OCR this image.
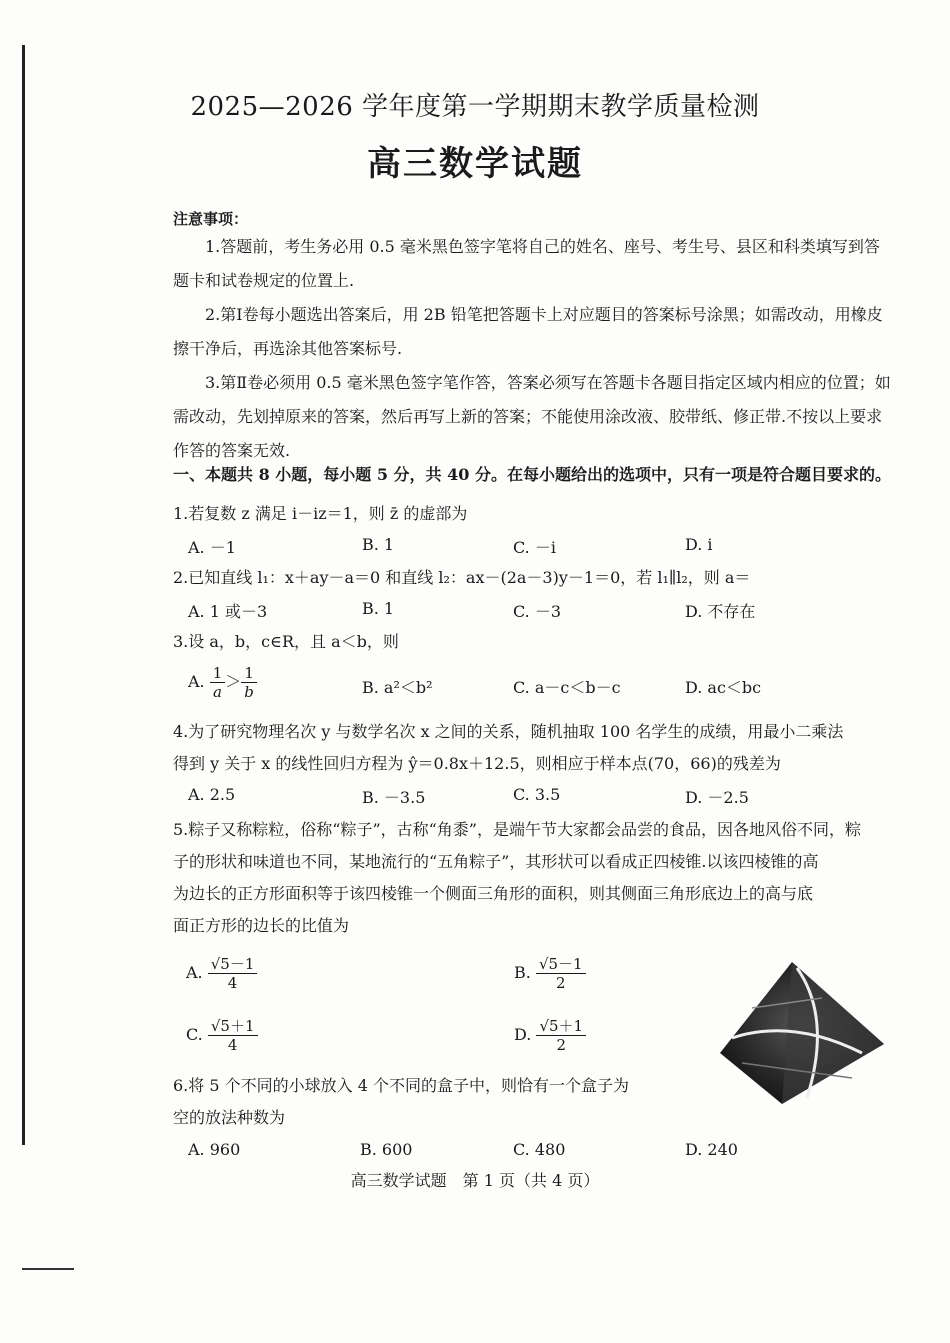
2025—2026 学年度第一学期期末教学质量检测
高三数学试题
注意事项：
1.答题前，考生务必用 0.5 毫米黑色签字笔将自己的姓名、座号、考生号、县区和科类填写到答题卡和试卷规定的位置上.
2.第Ⅰ卷每小题选出答案后，用 2B 铅笔把答题卡上对应题目的答案标号涂黑；如需改动，用橡皮擦干净后，再选涂其他答案标号.
3.第Ⅱ卷必须用 0.5 毫米黑色签字笔作答，答案必须写在答题卡各题目指定区域内相应的位置；如需改动，先划掉原来的答案，然后再写上新的答案；不能使用涂改液、胶带纸、修正带.不按以上要求作答的答案无效.
一、本题共 8 小题，每小题 5 分，共 40 分。在每小题给出的选项中，只有一项是符合题目要求的。
1.若复数 z 满足 i－iz＝1，则 z̄ 的虚部为
A. －1	B. 1	C. －i	D. i
2.已知直线 l₁：x＋ay－a＝0 和直线 l₂：ax－(2a－3)y－1＝0，若 l₁∥l₂，则 a＝
A. 1 或－3	B. 1	C. －3	D. 不存在
3.设 a，b，c∈R，且 a＜b，则
A. $\frac{1}{a} > \frac{1}{b}$	B. a²＜b²	C. a－c＜b－c	D. ac＜bc
4.为了研究物理名次 y 与数学名次 x 之间的关系，随机抽取 100 名学生的成绩，用最小二乘法
得到 y 关于 x 的线性回归方程为 ŷ＝0.8x＋12.5，则相应于样本点(70，66)的残差为
A. 2.5	B. －3.5	C. 3.5	D. －2.5
5.粽子又称粽粒，俗称“粽子”，古称“角黍”，是端午节大家都会品尝的食品，因各地风俗不同，粽
子的形状和味道也不同，某地流行的“五角粽子”，其形状可以看成正四棱锥.以该四棱锥的高
为边长的正方形面积等于该四棱锥一个侧面三角形的面积，则其侧面三角形底边上的高与底
面正方形的边长的比值为
A. $\frac{√5-1}{4}$	B. $\frac{√5-1}{2}$
C. $\frac{√5+1}{4}$	D. $\frac{√5+1}{2}$
6.将 5 个不同的小球放入 4 个不同的盒子中，则恰有一个盒子为
空的放法种数为
A. 960	B. 600	C. 480	D. 240
高三数学试题　第 1 页（共 4 页）
